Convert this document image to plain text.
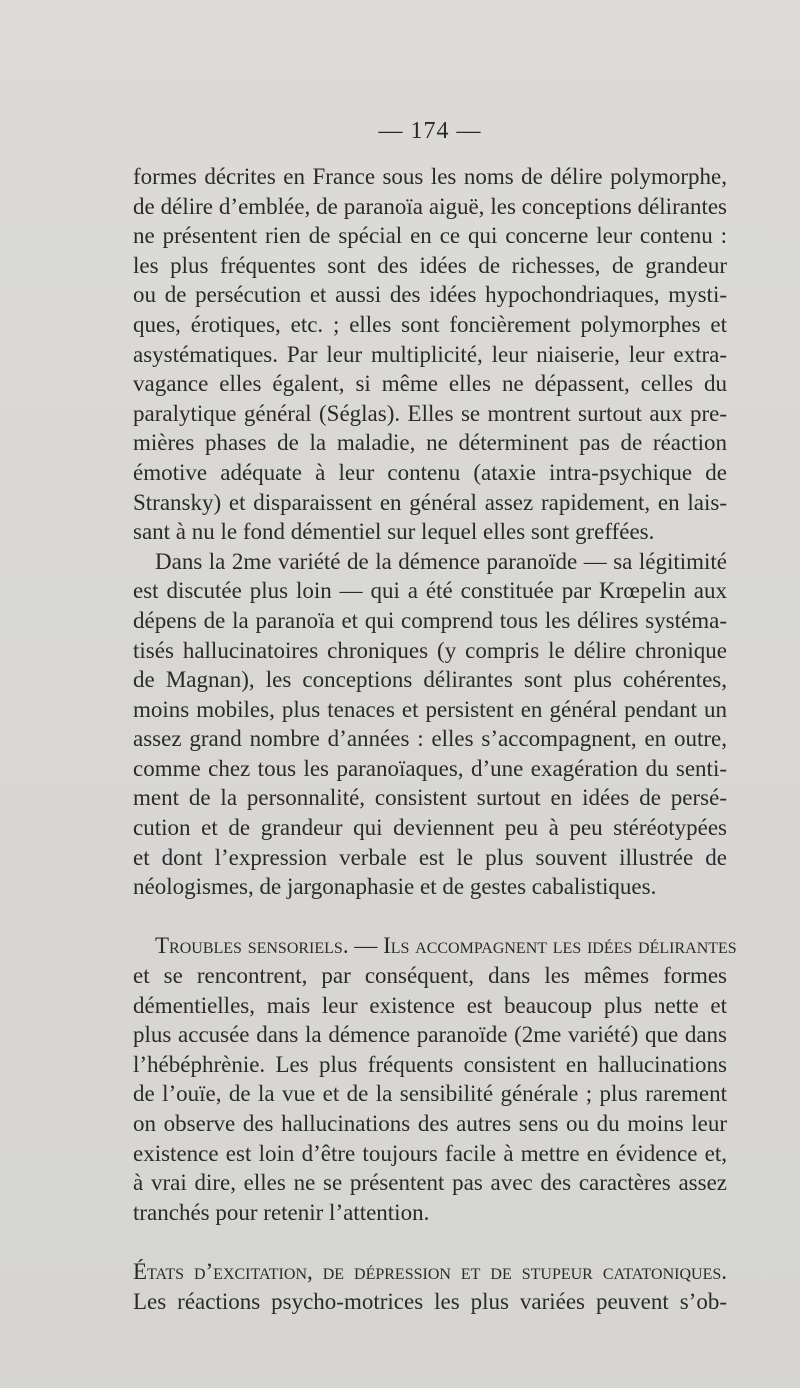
— 174 —
formes décrites en France sous les noms de délire polymorphe,
de délire d’emblée, de paranoïa aiguë, les conceptions délirantes
ne présentent rien de spécial en ce qui concerne leur contenu :
les plus fréquentes sont des idées de richesses, de grandeur
ou de persécution et aussi des idées hypochondriaques, mysti-
ques, érotiques, etc. ; elles sont foncièrement polymorphes et
asystématiques. Par leur multiplicité, leur niaiserie, leur extra-
vagance elles égalent, si même elles ne dépassent, celles du
paralytique général (Séglas). Elles se montrent surtout aux pre-
mières phases de la maladie, ne déterminent pas de réaction
émotive adéquate à leur contenu (ataxie intra-psychique de
Stransky) et disparaissent en général assez rapidement, en lais-
sant à nu le fond démentiel sur lequel elles sont greffées.
Dans la 2me variété de la démence paranoïde — sa légitimité
est discutée plus loin — qui a été constituée par Krœpelin aux
dépens de la paranoïa et qui comprend tous les délires systéma-
tisés hallucinatoires chroniques (y compris le délire chronique
de Magnan), les conceptions délirantes sont plus cohérentes,
moins mobiles, plus tenaces et persistent en général pendant un
assez grand nombre d’années : elles s’accompagnent, en outre,
comme chez tous les paranoïaques, d’une exagération du senti-
ment de la personnalité, consistent surtout en idées de persé-
cution et de grandeur qui deviennent peu à peu stéréotypées
et dont l’expression verbale est le plus souvent illustrée de
néologismes, de jargonaphasie et de gestes cabalistiques.
Troubles sensoriels. — Ils accompagnent les idées délirantes
et se rencontrent, par conséquent, dans les mêmes formes
démentielles, mais leur existence est beaucoup plus nette et
plus accusée dans la démence paranoïde (2me variété) que dans
l’hébéphrènie. Les plus fréquents consistent en hallucinations
de l’ouïe, de la vue et de la sensibilité générale ; plus rarement
on observe des hallucinations des autres sens ou du moins leur
existence est loin d’être toujours facile à mettre en évidence et,
à vrai dire, elles ne se présentent pas avec des caractères assez
tranchés pour retenir l’attention.
États d’excitation, de dépression et de stupeur catatoniques.
Les réactions psycho-motrices les plus variées peuvent s’ob-
